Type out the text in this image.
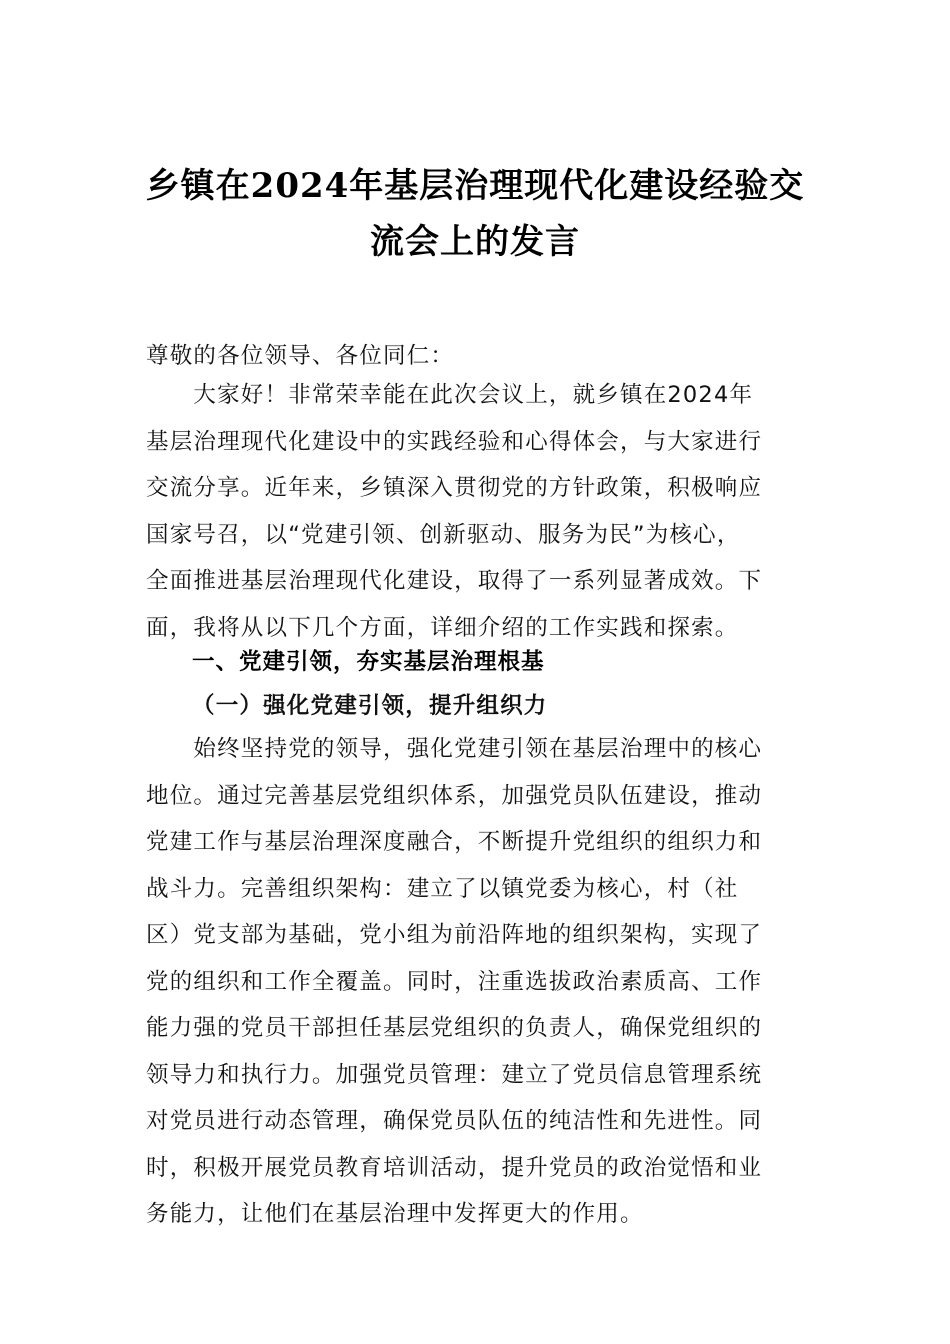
乡镇在2024年基层治理现代化建设经验交
流会上的发言

尊敬的各位领导、各位同仁：

　　大家好！非常荣幸能在此次会议上，就乡镇在2024年
基层治理现代化建设中的实践经验和心得体会，与大家进行
交流分享。近年来，乡镇深入贯彻党的方针政策，积极响应
国家号召，以“党建引领、创新驱动、服务为民”为核心，
全面推进基层治理现代化建设，取得了一系列显著成效。下
面，我将从以下几个方面，详细介绍的工作实践和探索。

一、党建引领，夯实基层治理根基
（一）强化党建引领，提升组织力

　　始终坚持党的领导，强化党建引领在基层治理中的核心
地位。通过完善基层党组织体系，加强党员队伍建设，推动
党建工作与基层治理深度融合，不断提升党组织的组织力和
战斗力。完善组织架构：建立了以镇党委为核心，村（社
区）党支部为基础，党小组为前沿阵地的组织架构，实现了
党的组织和工作全覆盖。同时，注重选拔政治素质高、工作
能力强的党员干部担任基层党组织的负责人，确保党组织的
领导力和执行力。加强党员管理：建立了党员信息管理系统
对党员进行动态管理，确保党员队伍的纯洁性和先进性。同
时，积极开展党员教育培训活动，提升党员的政治觉悟和业
务能力，让他们在基层治理中发挥更大的作用。
